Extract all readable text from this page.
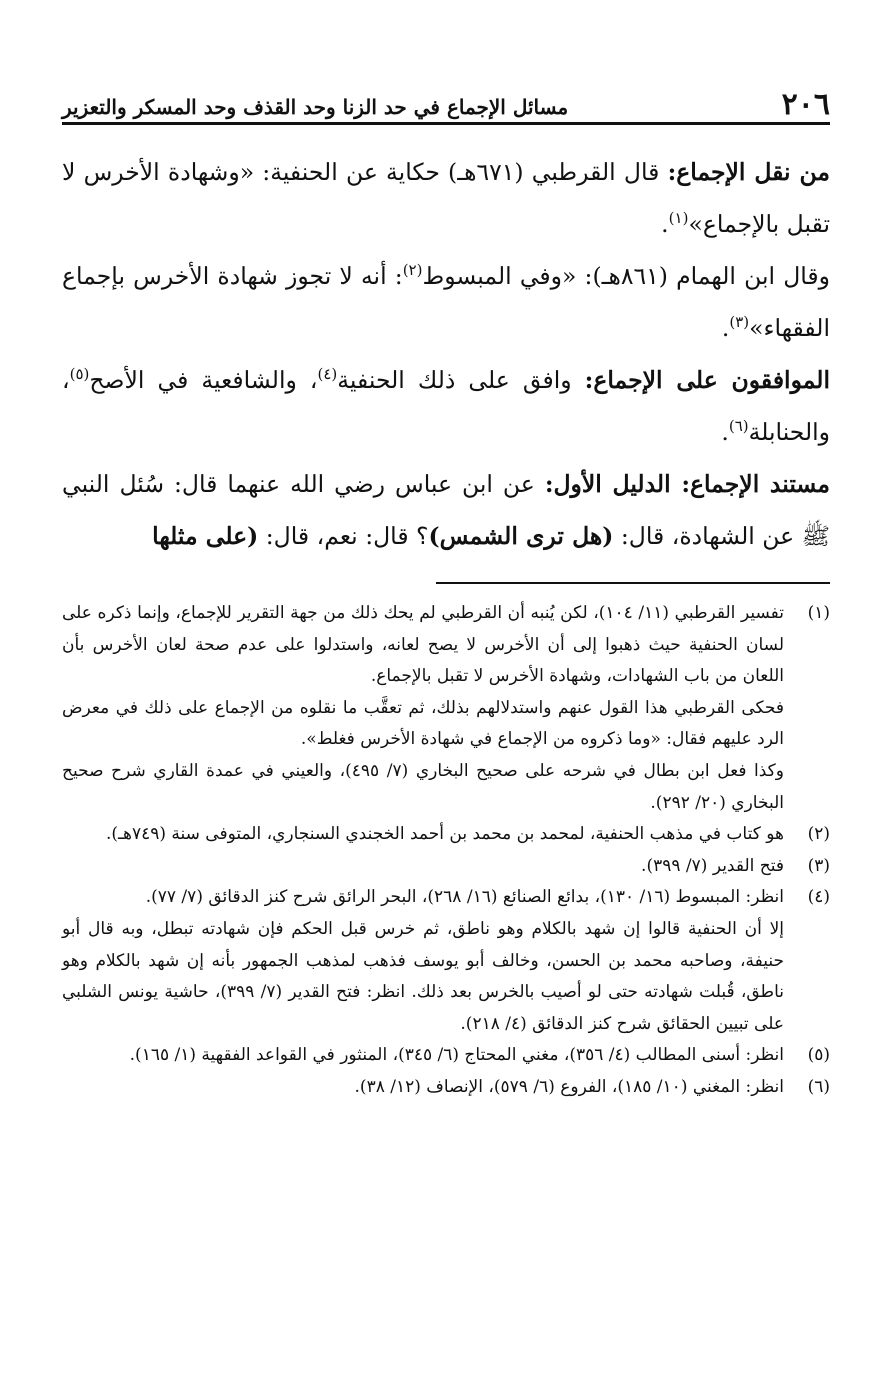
٢٠٦
مسائل الإجماع في حد الزنا وحد القذف وحد المسكر والتعزير

من نقل الإجماع: قال القرطبي (٦٧١هـ) حكاية عن الحنفية: «وشهادة الأخرس لا تقبل بالإجماع»$^{(١)}$.

وقال ابن الهمام (٨٦١هـ): «وفي المبسوط$^{(٢)}$: أنه لا تجوز شهادة الأخرس بإجماع الفقهاء»$^{(٣)}$.

الموافقون على الإجماع: وافق على ذلك الحنفية$^{(٤)}$، والشافعية في الأصح$^{(٥)}$، والحنابلة$^{(٦)}$.

مستند الإجماع: الدليل الأول: عن ابن عباس رضي الله عنهما قال: سُئل النبي ﷺ عن الشهادة، قال: (هل ترى الشمس)؟ قال: نعم، قال: (على مثلها

(١)

تفسير القرطبي (١١/ ١٠٤)، لكن يُنبه أن القرطبي لم يحك ذلك من جهة التقرير للإجماع، وإنما ذكره على لسان الحنفية حيث ذهبوا إلى أن الأخرس لا يصح لعانه، واستدلوا على عدم صحة لعان الأخرس بأن اللعان من باب الشهادات، وشهادة الأخرس لا تقبل بالإجماع.

فحكى القرطبي هذا القول عنهم واستدلالهم بذلك، ثم تعقَّب ما نقلوه من الإجماع على ذلك في معرض الرد عليهم فقال: «وما ذكروه من الإجماع في شهادة الأخرس فغلط».

وكذا فعل ابن بطال في شرحه على صحيح البخاري (٧/ ٤٩٥)، والعيني في عمدة القاري شرح صحيح البخاري (٢٠/ ٢٩٢).

(٢)

هو كتاب في مذهب الحنفية، لمحمد بن محمد بن أحمد الخجندي السنجاري، المتوفى سنة (٧٤٩هـ).

(٣)

فتح القدير (٧/ ٣٩٩).

(٤)

انظر: المبسوط (١٦/ ١٣٠)، بدائع الصنائع (١٦/ ٢٦٨)، البحر الرائق شرح كنز الدقائق (٧/ ٧٧).

إلا أن الحنفية قالوا إن شهد بالكلام وهو ناطق، ثم خرس قبل الحكم فإن شهادته تبطل، وبه قال أبو حنيفة، وصاحبه محمد بن الحسن، وخالف أبو يوسف فذهب لمذهب الجمهور بأنه إن شهد بالكلام وهو ناطق، قُبلت شهادته حتى لو أصيب بالخرس بعد ذلك. انظر: فتح القدير (٧/ ٣٩٩)، حاشية يونس الشلبي على تبيين الحقائق شرح كنز الدقائق (٤/ ٢١٨).

(٥)

انظر: أسنى المطالب (٤/ ٣٥٦)، مغني المحتاج (٦/ ٣٤٥)، المنثور في القواعد الفقهية (١/ ١٦٥).

(٦)

انظر: المغني (١٠/ ١٨٥)، الفروع (٦/ ٥٧٩)، الإنصاف (١٢/ ٣٨).
